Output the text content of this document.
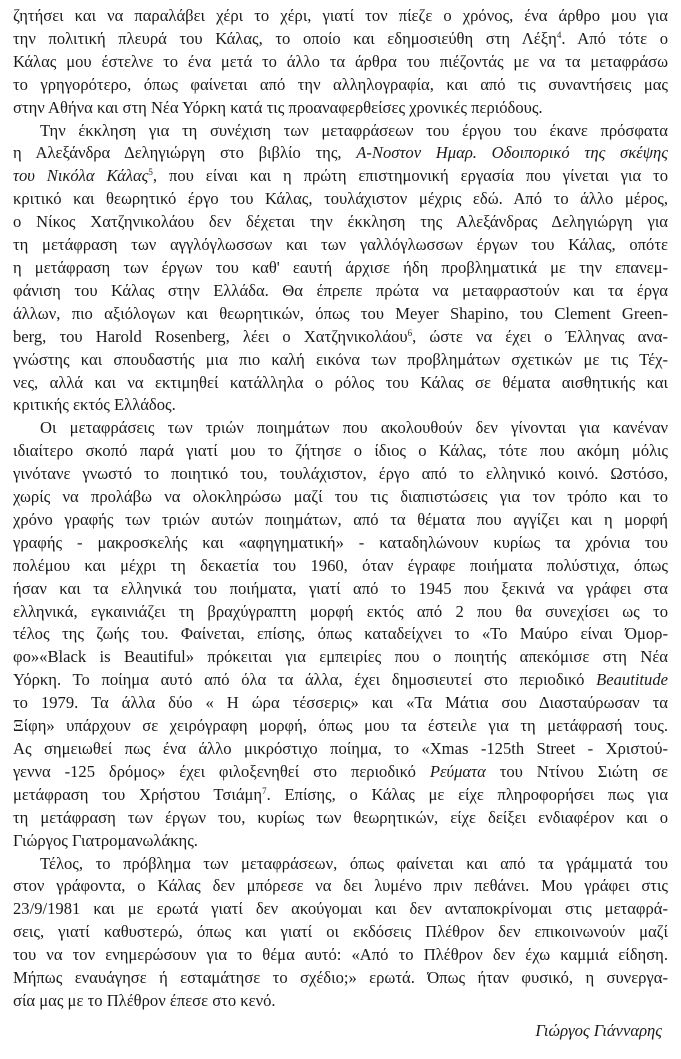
ζητήσει και να παραλάβει χέρι το χέρι, γιατί τον πίεζε ο χρόνος, ένα άρθρο μου για
την πολιτική πλευρά του Κάλας, το οποίο και εδημοσιεύθη στη Λέξη$^4$. Από τότε ο
Κάλας μου έστελνε το ένα μετά το άλλο τα άρθρα του πιέζοντάς με να τα μεταφράσω
το γρηγορότερο, όπως φαίνεται από την αλληλογραφία, και από τις συναντήσεις μας
στην Αθήνα και στη Νέα Υόρκη κατά τις προαναφερθείσες χρονικές περιόδους.
Την έκκληση για τη συνέχιση των μεταφράσεων του έργου του έκανε πρόσφατα
η Αλεξάνδρα Δεληγιώργη στο βιβλίο της, Α-Νοστον Ημαρ. Οδοιπορικό της σκέψης
του Νικόλα Κάλας$^5$, που είναι και η πρώτη επιστημονική εργασία που γίνεται για το
κριτικό και θεωρητικό έργο του Κάλας, τουλάχιστον μέχρις εδώ. Από το άλλο μέρος,
ο Νίκος Χατζηνικολάου δεν δέχεται την έκκληση της Αλεξάνδρας Δεληγιώργη για
τη μετάφραση των αγγλόγλωσσων και των γαλλόγλωσσων έργων του Κάλας, οπότε
η μετάφραση των έργων του καθ' εαυτή άρχισε ήδη προβληματικά με την επανεμ-
φάνιση του Κάλας στην Ελλάδα. Θα έπρεπε πρώτα να μεταφραστούν και τα έργα
άλλων, πιο αξιόλογων και θεωρητικών, όπως του Meyer Shapino, του Clement Green-
berg, του Harold Rosenberg, λέει ο Χατζηνικολάου$^6$, ώστε να έχει ο Έλληνας ανα-
γνώστης και σπουδαστής μια πιο καλή εικόνα των προβλημάτων σχετικών με τις Τέχ-
νες, αλλά και να εκτιμηθεί κατάλληλα ο ρόλος του Κάλας σε θέματα αισθητικής και
κριτικής εκτός Ελλάδος.
Οι μεταφράσεις των τριών ποιημάτων που ακολουθούν δεν γίνονται για κανέναν
ιδιαίτερο σκοπό παρά γιατί μου το ζήτησε ο ίδιος ο Κάλας, τότε που ακόμη μόλις
γινότανε γνωστό το ποιητικό του, τουλάχιστον, έργο από το ελληνικό κοινό. Ωστόσο,
χωρίς να προλάβω να ολοκληρώσω μαζί του τις διαπιστώσεις για τον τρόπο και το
χρόνο γραφής των τριών αυτών ποιημάτων, από τα θέματα που αγγίζει και η μορφή
γραφής - μακροσκελής και «αφηγηματική» - καταδηλώνουν κυρίως τα χρόνια του
πολέμου και μέχρι τη δεκαετία του 1960, όταν έγραφε ποιήματα πολύστιχα, όπως
ήσαν και τα ελληνικά του ποιήματα, γιατί από το 1945 που ξεκινά να γράφει στα
ελληνικά, εγκαινιάζει τη βραχύγραπτη μορφή εκτός από 2 που θα συνεχίσει ως το
τέλος της ζωής του. Φαίνεται, επίσης, όπως καταδείχνει το «Το Μαύρο είναι Όμορ-
φο»«Black is Beautiful» πρόκειται για εμπειρίες που ο ποιητής απεκόμισε στη Νέα
Υόρκη. Το ποίημα αυτό από όλα τα άλλα, έχει δημοσιευτεί στο περιοδικό Beautitude
το 1979. Τα άλλα δύο « Η ώρα τέσσερις» και «Τα Μάτια σου Διασταύρωσαν τα
Ξίφη» υπάρχουν σε χειρόγραφη μορφή, όπως μου τα έστειλε για τη μετάφρασή τους.
Ας σημειωθεί πως ένα άλλο μικρόστιχο ποίημα, το «Xmas -125th Street - Χριστού-
γεννα -125 δρόμος» έχει φιλοξενηθεί στο περιοδικό Ρεύματα του Ντίνου Σιώτη σε
μετάφραση του Χρήστου Τσιάμη$^7$. Επίσης, ο Κάλας με είχε πληροφορήσει πως για
τη μετάφραση των έργων του, κυρίως των θεωρητικών, είχε δείξει ενδιαφέρον και ο
Γιώργος Γιατρομανωλάκης.
Τέλος, το πρόβλημα των μεταφράσεων, όπως φαίνεται και από τα γράμματά του
στον γράφοντα, ο Κάλας δεν μπόρεσε να δει λυμένο πριν πεθάνει. Μου γράφει στις
23/9/1981 και με ερωτά γιατί δεν ακούγομαι και δεν ανταποκρίνομαι στις μεταφρά-
σεις, γιατί καθυστερώ, όπως και γιατί οι εκδόσεις Πλέθρον δεν επικοινωνούν μαζί
του να τον ενημερώσουν για το θέμα αυτό: «Από το Πλέθρον δεν έχω καμμιά είδηση.
Μήπως εναυάγησε ή εσταμάτησε το σχέδιο;» ερωτά. Όπως ήταν φυσικό, η συνεργα-
σία μας με το Πλέθρον έπεσε στο κενό.
Γιώργος Γιάνναρης
